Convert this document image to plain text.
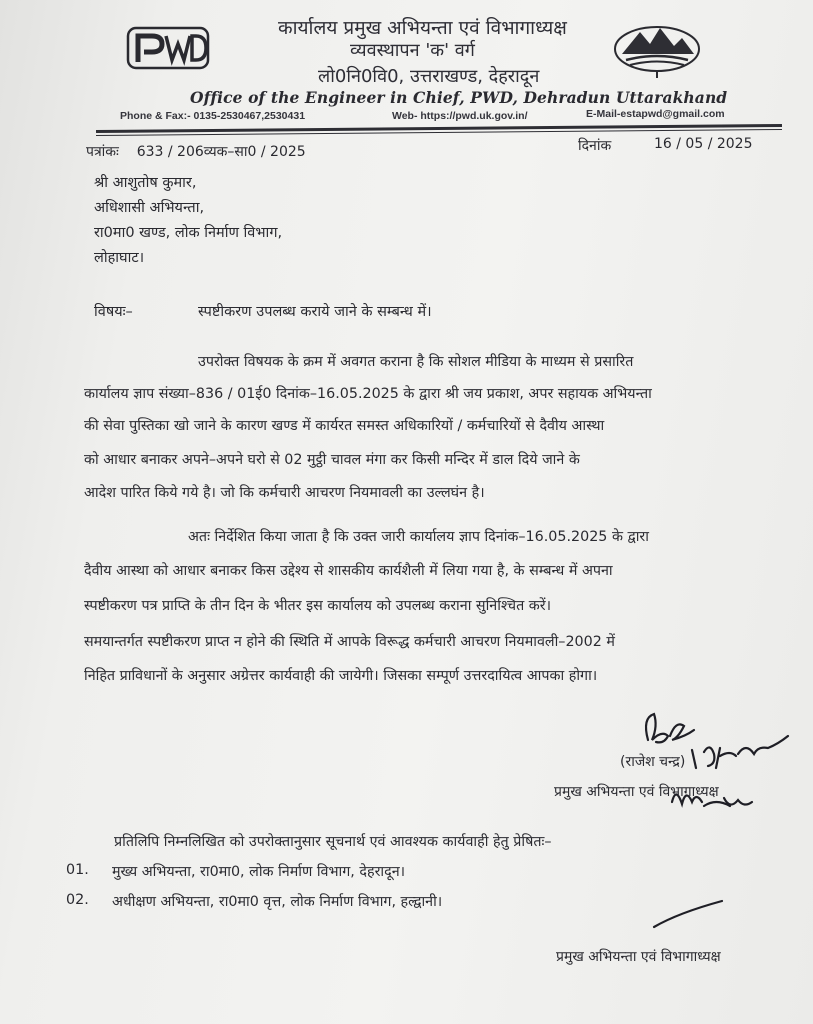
कार्यालय प्रमुख अभियन्ता एवं विभागाध्यक्ष
व्यवस्थापन 'क' वर्ग
लो0नि0वि0, उत्तराखण्ड, देहरादून
Office of the Engineer in Chief, PWD, Dehradun Uttarakhand
Phone & Fax:- 0135-2530467,2530431	Web- https://pwd.uk.gov.in/	E-Mail-estapwd@gmail.com
पत्रांकः 633 / 206व्यक–सा0 / 2025	दिनांक	16 / 05 / 2025
श्री आशुतोष कुमार,
अधिशासी अभियन्ता,
रा0मा0 खण्ड, लोक निर्माण विभाग,
लोहाघाट।
विषयः–	स्पष्टीकरण उपलब्ध कराये जाने के सम्बन्ध में।
उपरोक्त विषयक के क्रम में अवगत कराना है कि सोशल मीडिया के माध्यम से प्रसारित
कार्यालय ज्ञाप संख्या–836 / 01ई0 दिनांक–16.05.2025 के द्वारा श्री जय प्रकाश, अपर सहायक अभियन्ता
की सेवा पुस्तिका खो जाने के कारण खण्ड में कार्यरत समस्त अधिकारियों / कर्मचारियों से दैवीय आस्था
को आधार बनाकर अपने–अपने घरो से 02 मुट्ठी चावल मंगा कर किसी मन्दिर में डाल दिये जाने के
आदेश पारित किये गये है। जो कि कर्मचारी आचरण नियमावली का उल्लघंन है।
अतः निर्देशित किया जाता है कि उक्त जारी कार्यालय ज्ञाप दिनांक–16.05.2025 के द्वारा
दैवीय आस्था को आधार बनाकर किस उद्देश्य से शासकीय कार्यशैली में लिया गया है, के सम्बन्ध में अपना
स्पष्टीकरण पत्र प्राप्ति के तीन दिन के भीतर इस कार्यालय को उपलब्ध कराना सुनिश्चित करें।
समयान्तर्गत स्पष्टीकरण प्राप्त न होने की स्थिति में आपके विरूद्ध कर्मचारी आचरण नियमावली–2002 में
निहित प्राविधानों के अनुसार अग्रेत्तर कार्यवाही की जायेगी। जिसका सम्पूर्ण उत्तरदायित्व आपका होगा।
(राजेश चन्द्र)
प्रमुख अभियन्ता एवं विभागाध्यक्ष
प्रतिलिपि निम्नलिखित को उपरोक्तानुसार सूचनार्थ एवं आवश्यक कार्यवाही हेतु प्रेषितः–
01. मुख्य अभियन्ता, रा0मा0, लोक निर्माण विभाग, देहरादून।
02. अधीक्षण अभियन्ता, रा0मा0 वृत्त, लोक निर्माण विभाग, हल्द्वानी।
प्रमुख अभियन्ता एवं विभागाध्यक्ष
